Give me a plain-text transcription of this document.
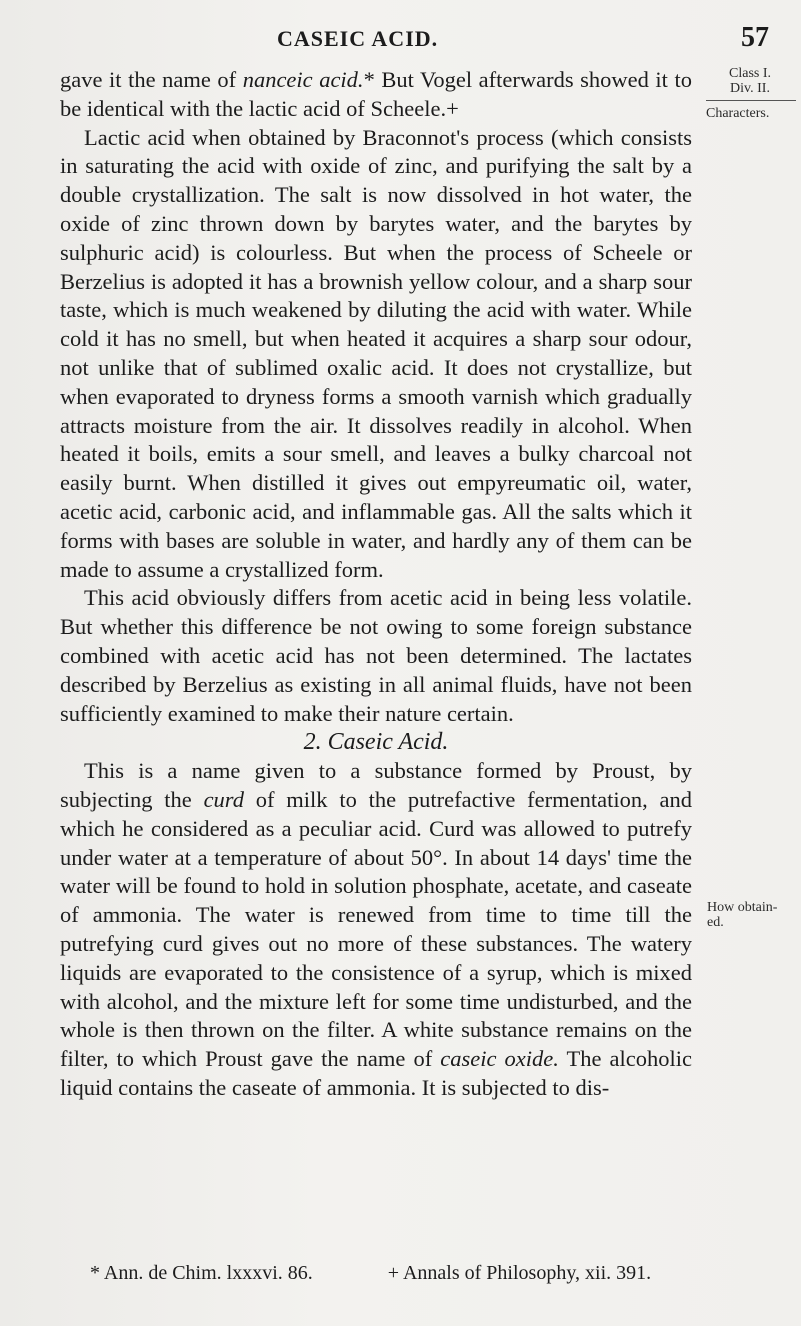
CASEIC ACID.	57
Class I.
Div. II.
Characters.
How obtain-ed.

gave it the name of nanceic acid.* But Vogel afterwards showed it to be identical with the lactic acid of Scheele.+

Lactic acid when obtained by Braconnot's process (which consists in saturating the acid with oxide of zinc, and purifying the salt by a double crystallization. The salt is now dissolved in hot water, the oxide of zinc thrown down by barytes water, and the barytes by sulphuric acid) is colourless. But when the process of Scheele or Berzelius is adopted it has a brownish yellow colour, and a sharp sour taste, which is much weakened by diluting the acid with water. While cold it has no smell, but when heated it acquires a sharp sour odour, not unlike that of sublimed oxalic acid. It does not crystallize, but when evaporated to dryness forms a smooth varnish which gradually attracts moisture from the air. It dissolves readily in alcohol. When heated it boils, emits a sour smell, and leaves a bulky charcoal not easily burnt. When distilled it gives out empyreumatic oil, water, acetic acid, carbonic acid, and inflammable gas. All the salts which it forms with bases are soluble in water, and hardly any of them can be made to assume a crystallized form.

This acid obviously differs from acetic acid in being less volatile. But whether this difference be not owing to some foreign substance combined with acetic acid has not been determined. The lactates described by Berzelius as existing in all animal fluids, have not been sufficiently examined to make their nature certain.

2. Caseic Acid.

This is a name given to a substance formed by Proust, by subjecting the curd of milk to the putrefactive fermentation, and which he considered as a peculiar acid. Curd was allowed to putrefy under water at a temperature of about 50°. In about 14 days' time the water will be found to hold in solution phosphate, acetate, and caseate of ammonia. The water is renewed from time to time till the putrefying curd gives out no more of these substances. The watery liquids are evaporated to the consistence of a syrup, which is mixed with alcohol, and the mixture left for some time undisturbed, and the whole is then thrown on the filter. A white substance remains on the filter, to which Proust gave the name of caseic oxide. The alcoholic liquid contains the caseate of ammonia. It is subjected to dis-

* Ann. de Chim. lxxxvi. 86.	+ Annals of Philosophy, xii. 391.
